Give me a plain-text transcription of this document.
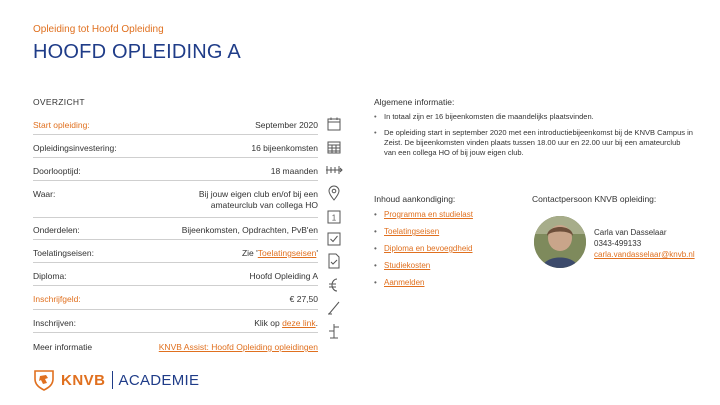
Opleiding tot Hoofd Opleiding
HOOFD OPLEIDING A
OVERZICHT
Start opleiding:	September 2020
Opleidingsinvestering:	16 bijeenkomsten
Doorlooptijd:	18 maanden
Waar:	Bij jouw eigen club en/of bij een amateurclub van collega HO
Onderdelen:	Bijeenkomsten, Opdrachten, PvB'en
Toelatingseisen:	Zie 'Toelatingseisen'
Diploma:	Hoofd Opleiding A
Inschrijfgeld:	€ 27,50
Inschrijven:	Klik op deze link.
Meer informatie	KNVB Assist: Hoofd Opleiding opleidingen
1
Algemene informatie:
• In totaal zijn er 16 bijeenkomsten die maandelijks plaatsvinden.
• De opleiding start in september 2020 met een introductiebijeenkomst bij de KNVB Campus in Zeist. De bijeenkomsten vinden plaats tussen 18.00 uur en 22.00 uur bij een amateurclub van een collega HO of bij jouw eigen club.
Inhoud aankondiging:	Contactpersoon KNVB opleiding:
• Programma en studielast
• Toelatingseisen
• Diploma en bevoegdheid
• Studiekosten
• Aanmelden
Carla van Dasselaar
0343-499133
carla.vandasselaar@knvb.nl
KNVB ACADEMIE
